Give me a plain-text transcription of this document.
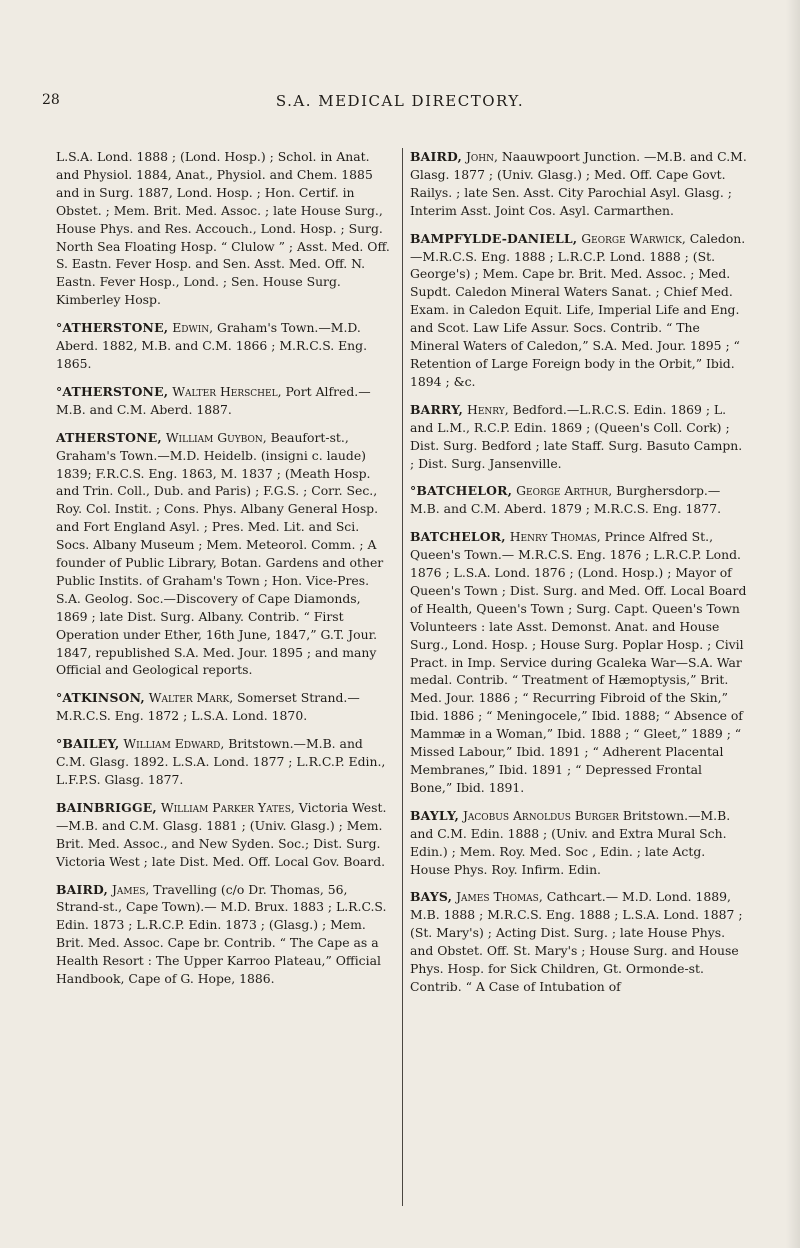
28	S.A. MEDICAL DIRECTORY.

L.S.A. Lond. 1888 ; (Lond. Hosp.) ; Schol. in Anat. and Physiol. 1884, Anat., Physiol. and Chem. 1885 and in Surg. 1887, Lond. Hosp. ; Hon. Certif. in Obstet. ; Mem. Brit. Med. Assoc. ; late House Surg., House Phys. and Res. Accouch., Lond. Hosp. ; Surg. North Sea Floating Hosp. “ Clulow ” ; Asst. Med. Off. S. Eastn. Fever Hosp. and Sen. Asst. Med. Off. N. Eastn. Fever Hosp., Lond. ; Sen. House Surg. Kimberley Hosp.

°ATHERSTONE, Edwin, Graham's Town.—M.D. Aberd. 1882, M.B. and C.M. 1866 ; M.R.C.S. Eng. 1865.

°ATHERSTONE, Walter Herschel, Port Alfred.—M.B. and C.M. Aberd. 1887.

ATHERSTONE, William Guybon, Beaufort-st., Graham's Town.—M.D. Heidelb. (insigni c. laude) 1839; F.R.C.S. Eng. 1863, M. 1837 ; (Meath Hosp. and Trin. Coll., Dub. and Paris) ; F.G.S. ; Corr. Sec., Roy. Col. Instit. ; Cons. Phys. Albany General Hosp. and Fort England Asyl. ; Pres. Med. Lit. and Sci. Socs. Albany Museum ; Mem. Meteorol. Comm. ; A founder of Public Library, Botan. Gardens and other Public Instits. of Graham's Town ; Hon. Vice-Pres. S.A. Geolog. Soc.—Discovery of Cape Diamonds, 1869 ; late Dist. Surg. Albany. Contrib. “ First Operation under Ether, 16th June, 1847,” G.T. Jour. 1847, republished S.A. Med. Jour. 1895 ; and many Official and Geological reports.

°ATKINSON, Walter Mark, Somerset Strand.—M.R.C.S. Eng. 1872 ; L.S.A. Lond. 1870.

°BAILEY, William Edward, Britstown.—M.B. and C.M. Glasg. 1892. L.S.A. Lond. 1877 ; L.R.C.P. Edin., L.F.P.S. Glasg. 1877.

BAINBRIGGE, William Parker Yates, Victoria West.—M.B. and C.M. Glasg. 1881 ; (Univ. Glasg.) ; Mem. Brit. Med. Assoc., and New Syden. Soc.; Dist. Surg. Victoria West ; late Dist. Med. Off. Local Gov. Board.

BAIRD, James, Travelling (c/o Dr. Thomas, 56, Strand-st., Cape Town).— M.D. Brux. 1883 ; L.R.C.S. Edin. 1873 ; L.R.C.P. Edin. 1873 ; (Glasg.) ; Mem. Brit. Med. Assoc. Cape br. Contrib. “ The Cape as a Health Resort : The Upper Karroo Plateau,” Official Handbook, Cape of G. Hope, 1886.

BAIRD, John, Naauwpoort Junction. —M.B. and C.M. Glasg. 1877 ; (Univ. Glasg.) ; Med. Off. Cape Govt. Railys. ; late Sen. Asst. City Parochial Asyl. Glasg. ; Interim Asst. Joint Cos. Asyl. Carmarthen.

BAMPFYLDE-DANIELL, George Warwick, Caledon.—M.R.C.S. Eng. 1888 ; L.R.C.P. Lond. 1888 ; (St. George's) ; Mem. Cape br. Brit. Med. Assoc. ; Med. Supdt. Caledon Mineral Waters Sanat. ; Chief Med. Exam. in Caledon Equit. Life, Imperial Life and Eng. and Scot. Law Life Assur. Socs. Contrib. “ The Mineral Waters of Caledon,” S.A. Med. Jour. 1895 ; “ Retention of Large Foreign body in the Orbit,” Ibid. 1894 ; &c.

BARRY, Henry, Bedford.—L.R.C.S. Edin. 1869 ; L. and L.M., R.C.P. Edin. 1869 ; (Queen's Coll. Cork) ; Dist. Surg. Bedford ; late Staff. Surg. Basuto Campn. ; Dist. Surg. Jansenville.

°BATCHELOR, George Arthur, Burghersdorp.—M.B. and C.M. Aberd. 1879 ; M.R.C.S. Eng. 1877.

BATCHELOR, Henry Thomas, Prince Alfred St., Queen's Town.— M.R.C.S. Eng. 1876 ; L.R.C.P. Lond. 1876 ; L.S.A. Lond. 1876 ; (Lond. Hosp.) ; Mayor of Queen's Town ; Dist. Surg. and Med. Off. Local Board of Health, Queen's Town ; Surg. Capt. Queen's Town Volunteers : late Asst. Demonst. Anat. and House Surg., Lond. Hosp. ; House Surg. Poplar Hosp. ; Civil Pract. in Imp. Service during Gcaleka War—S.A. War medal. Contrib. “ Treatment of Hæmoptysis,” Brit. Med. Jour. 1886 ; “ Recurring Fibroid of the Skin,” Ibid. 1886 ; “ Meningocele,” Ibid. 1888; “ Absence of Mammæ in a Woman,” Ibid. 1888 ; “ Gleet,” 1889 ; “ Missed Labour,” Ibid. 1891 ; “ Adherent Placental Membranes,” Ibid. 1891 ; “ Depressed Frontal Bone,” Ibid. 1891.

BAYLY, Jacobus Arnoldus Burger Britstown.—M.B. and C.M. Edin. 1888 ; (Univ. and Extra Mural Sch. Edin.) ; Mem. Roy. Med. Soc , Edin. ; late Actg. House Phys. Roy. Infirm. Edin.

BAYS, James Thomas, Cathcart.— M.D. Lond. 1889, M.B. 1888 ; M.R.C.S. Eng. 1888 ; L.S.A. Lond. 1887 ; (St. Mary's) ; Acting Dist. Surg. ; late House Phys. and Obstet. Off. St. Mary's ; House Surg. and House Phys. Hosp. for Sick Children, Gt. Ormonde-st. Contrib. “ A Case of Intubation of
